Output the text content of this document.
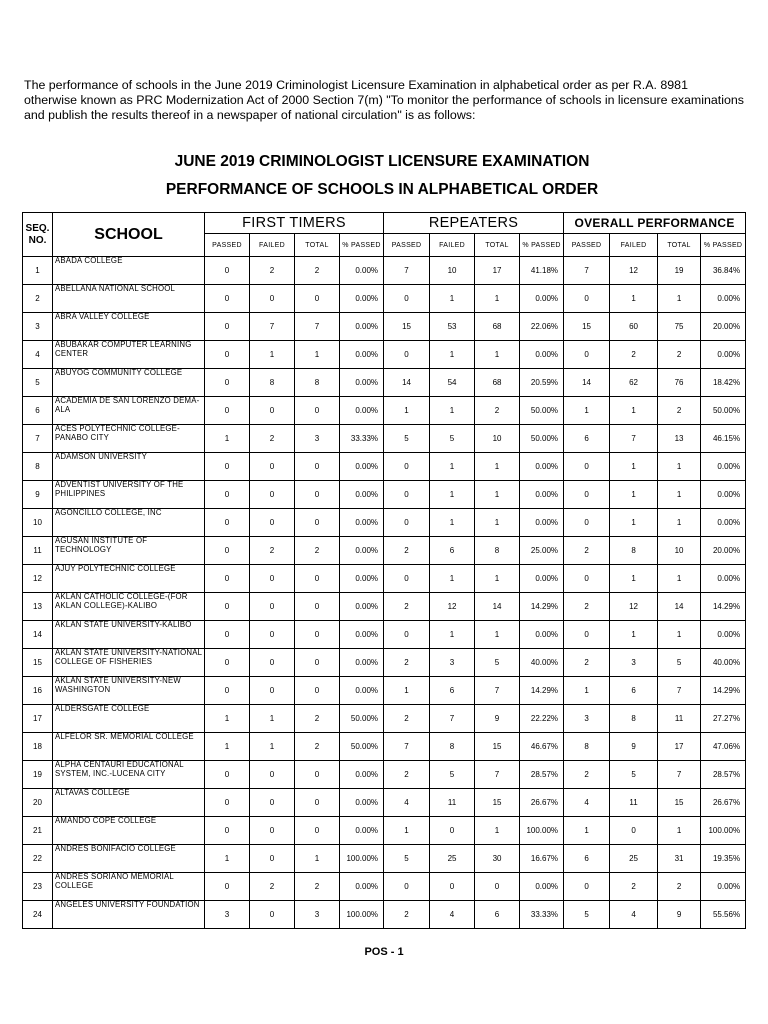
The performance of schools in the June 2019 Criminologist Licensure Examination in alphabetical order as per R.A. 8981 otherwise known as PRC Modernization Act of 2000 Section 7(m) "To monitor the performance of schools in licensure examinations and publish the results thereof in a newspaper of national circulation" is as follows:
JUNE 2019 CRIMINOLOGIST LICENSURE EXAMINATION
PERFORMANCE OF SCHOOLS IN ALPHABETICAL ORDER
SEQ. NO.	SCHOOL	FIRST TIMERS				REPEATERS				OVERALL PERFORMANCE			
		PASSED	FAILED	TOTAL	% PASSED	PASSED	FAILED	TOTAL	% PASSED	PASSED	FAILED	TOTAL	% PASSED
1	ABADA COLLEGE	0	2	2	0.00%	7	10	17	41.18%	7	12	19	36.84%
2	ABELLANA NATIONAL SCHOOL	0	0	0	0.00%	0	1	1	0.00%	0	1	1	0.00%
3	ABRA VALLEY COLLEGE	0	7	7	0.00%	15	53	68	22.06%	15	60	75	20.00%
4	ABUBAKAR COMPUTER LEARNING CENTER	0	1	1	0.00%	0	1	1	0.00%	0	2	2	0.00%
5	ABUYOG COMMUNITY COLLEGE	0	8	8	0.00%	14	54	68	20.59%	14	62	76	18.42%
6	ACADEMIA DE SAN LORENZO DEMA-ALA	0	0	0	0.00%	1	1	2	50.00%	1	1	2	50.00%
7	ACES POLYTECHNIC COLLEGE-PANABO CITY	1	2	3	33.33%	5	5	10	50.00%	6	7	13	46.15%
8	ADAMSON UNIVERSITY	0	0	0	0.00%	0	1	1	0.00%	0	1	1	0.00%
9	ADVENTIST UNIVERSITY OF THE PHILIPPINES	0	0	0	0.00%	0	1	1	0.00%	0	1	1	0.00%
10	AGONCILLO COLLEGE, INC	0	0	0	0.00%	0	1	1	0.00%	0	1	1	0.00%
11	AGUSAN INSTITUTE OF TECHNOLOGY	0	2	2	0.00%	2	6	8	25.00%	2	8	10	20.00%
12	AJUY POLYTECHNIC COLLEGE	0	0	0	0.00%	0	1	1	0.00%	0	1	1	0.00%
13	AKLAN CATHOLIC COLLEGE-(FOR AKLAN COLLEGE)-KALIBO	0	0	0	0.00%	2	12	14	14.29%	2	12	14	14.29%
14	AKLAN STATE UNIVERSITY-KALIBO	0	0	0	0.00%	0	1	1	0.00%	0	1	1	0.00%
15	AKLAN STATE UNIVERSITY-NATIONAL COLLEGE OF FISHERIES	0	0	0	0.00%	2	3	5	40.00%	2	3	5	40.00%
16	AKLAN STATE UNIVERSITY-NEW WASHINGTON	0	0	0	0.00%	1	6	7	14.29%	1	6	7	14.29%
17	ALDERSGATE COLLEGE	1	1	2	50.00%	2	7	9	22.22%	3	8	11	27.27%
18	ALFELOR SR. MEMORIAL COLLEGE	1	1	2	50.00%	7	8	15	46.67%	8	9	17	47.06%
19	ALPHA CENTAURI EDUCATIONAL SYSTEM, INC.-LUCENA CITY	0	0	0	0.00%	2	5	7	28.57%	2	5	7	28.57%
20	ALTAVAS COLLEGE	0	0	0	0.00%	4	11	15	26.67%	4	11	15	26.67%
21	AMANDO COPE COLLEGE	0	0	0	0.00%	1	0	1	100.00%	1	0	1	100.00%
22	ANDRES BONIFACIO COLLEGE	1	0	1	100.00%	5	25	30	16.67%	6	25	31	19.35%
23	ANDRES SORIANO MEMORIAL COLLEGE	0	2	2	0.00%	0	0	0	0.00%	0	2	2	0.00%
24	ANGELES UNIVERSITY FOUNDATION	3	0	3	100.00%	2	4	6	33.33%	5	4	9	55.56%
POS - 1
